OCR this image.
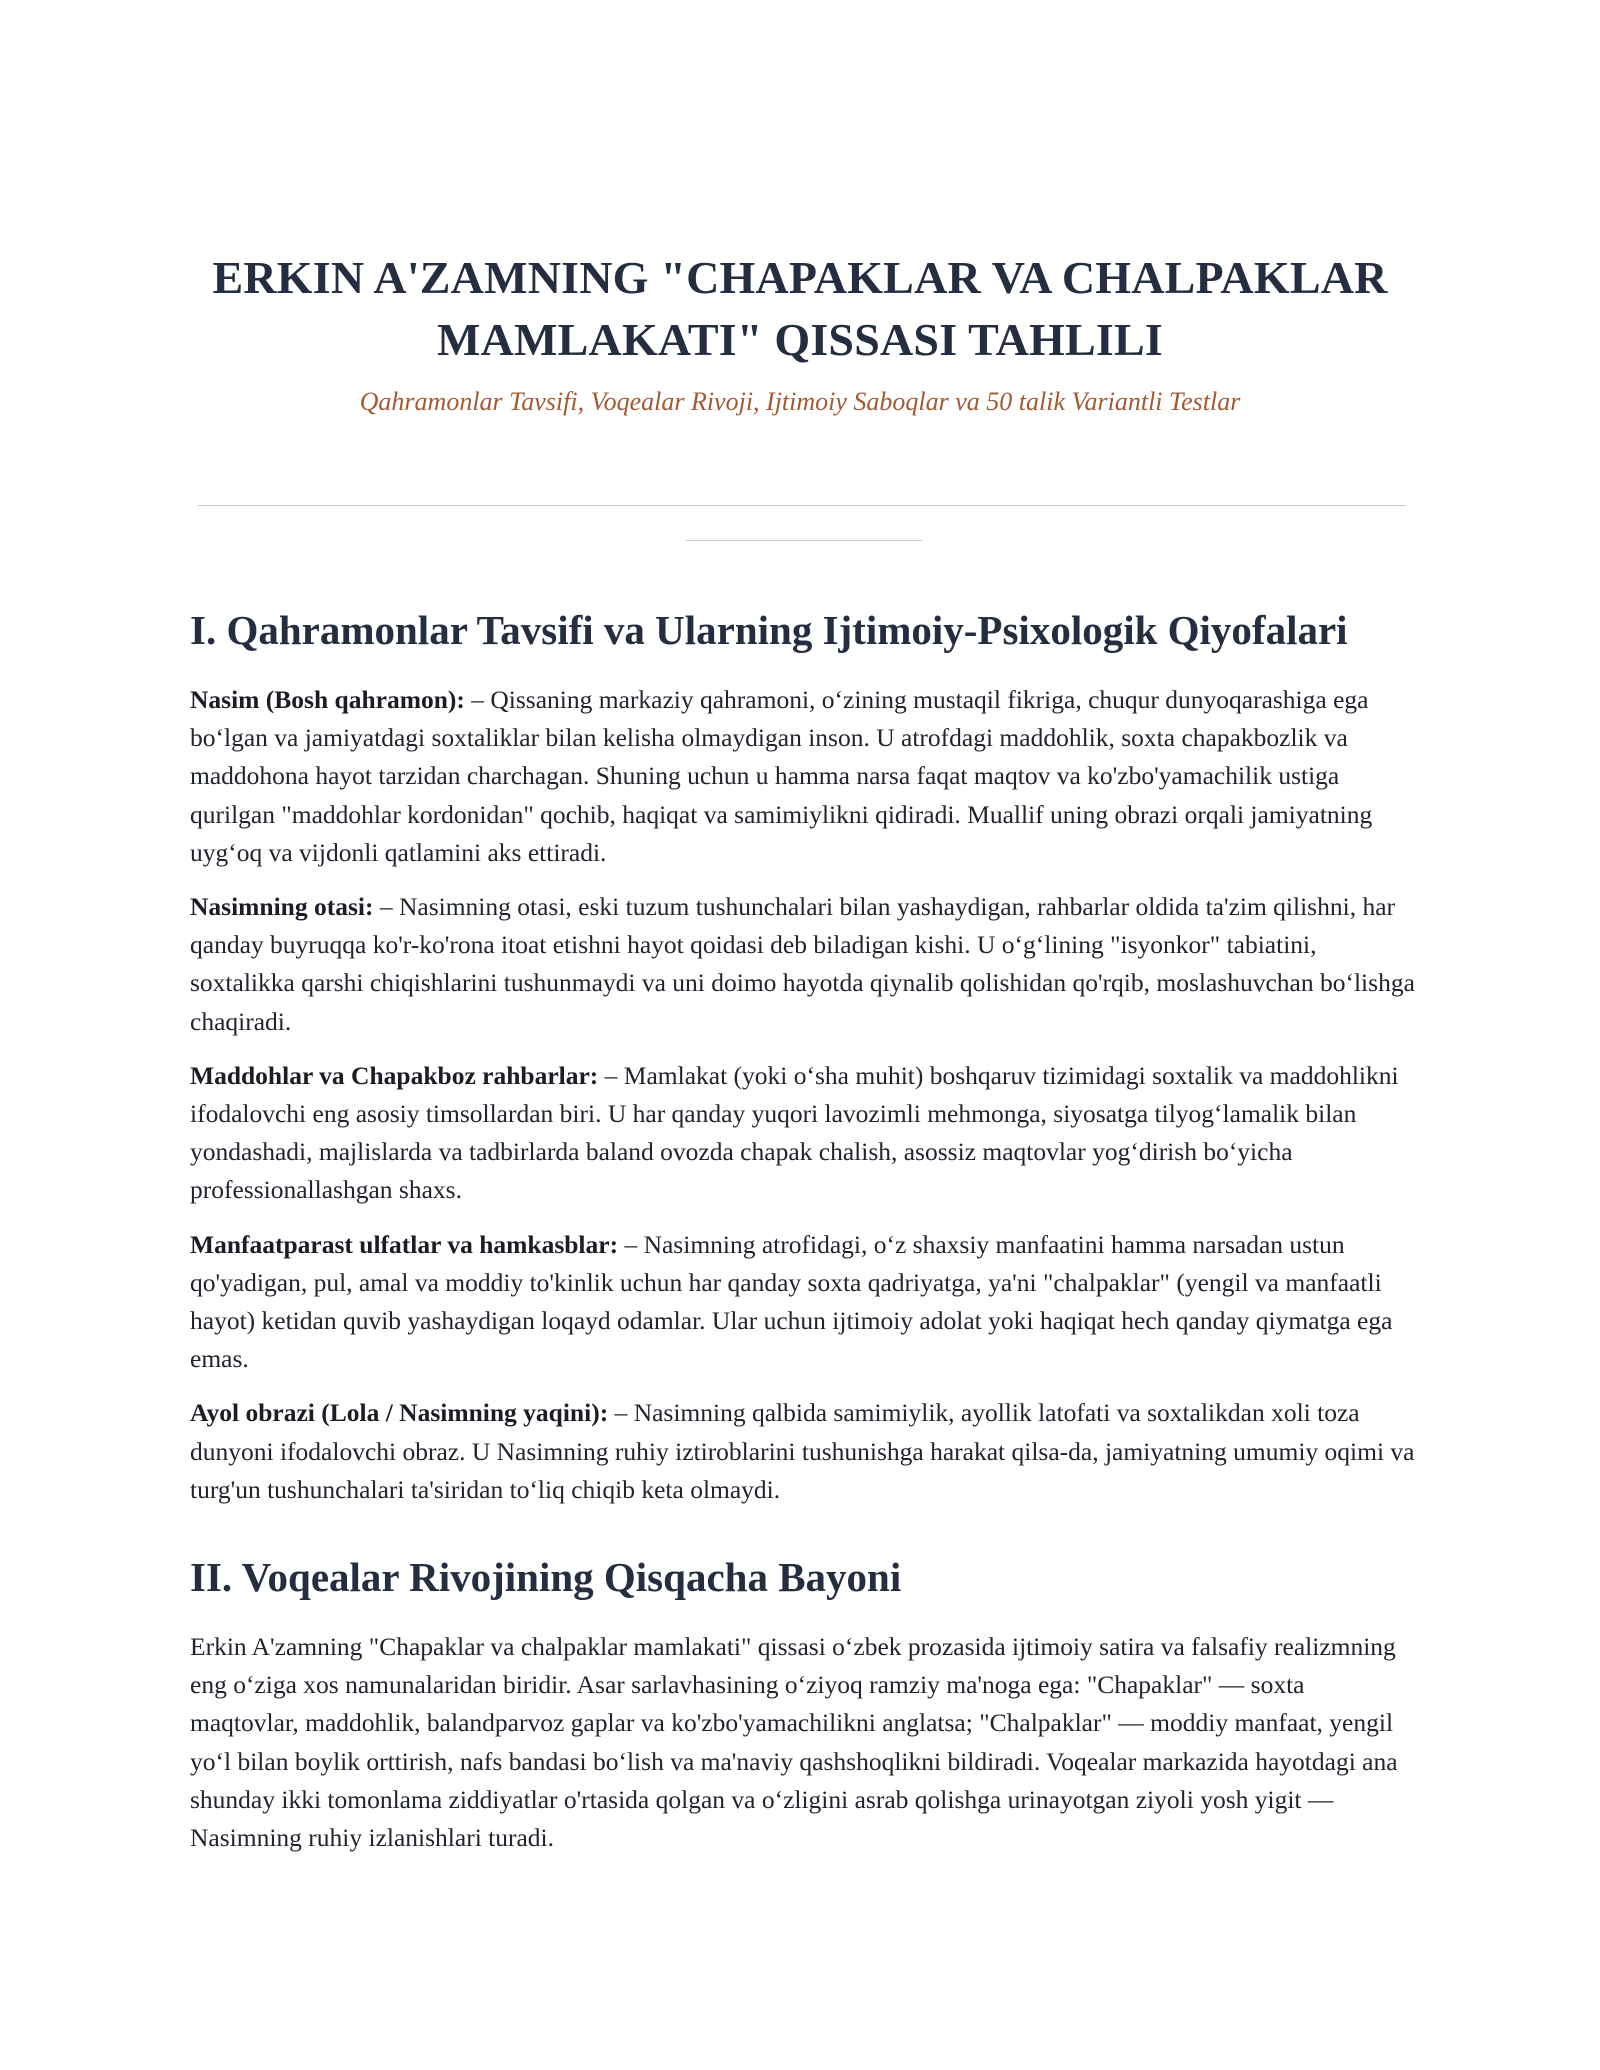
ERKIN A'ZAMNING "CHAPAKLAR VA CHALPAKLAR
MAMLAKATI" QISSASI TAHLILI
Qahramonlar Tavsifi, Voqealar Rivoji, Ijtimoiy Saboqlar va 50 talik Variantli Testlar
I. Qahramonlar Tavsifi va Ularning Ijtimoiy-Psixologik Qiyofalari

Nasim (Bosh qahramon): – Qissaning markaziy qahramoni, oʻzining mustaqil fikriga, chuqur dunyoqarashiga ega boʻlgan va jamiyatdagi soxtaliklar bilan kelisha olmaydigan inson. U atrofdagi maddohlik, soxta chapakbozlik va maddohona hayot tarzidan charchagan. Shuning uchun u hamma narsa faqat maqtov va ko'zbo'yamachilik ustiga qurilgan "maddohlar kordonidan" qochib, haqiqat va samimiylikni qidiradi. Muallif uning obrazi orqali jamiyatning uygʻoq va vijdonli qatlamini aks ettiradi.

Nasimning otasi: – Nasimning otasi, eski tuzum tushunchalari bilan yashaydigan, rahbarlar oldida ta'zim qilishni, har qanday buyruqqa ko'r-ko'rona itoat etishni hayot qoidasi deb biladigan kishi. U oʻgʻlining "isyonkor" tabiatini, soxtalikka qarshi chiqishlarini tushunmaydi va uni doimo hayotda qiynalib qolishidan qo'rqib, moslashuvchan boʻlishga chaqiradi.

Maddohlar va Chapakboz rahbarlar: – Mamlakat (yoki oʻsha muhit) boshqaruv tizimidagi soxtalik va maddohlikni ifodalovchi eng asosiy timsollardan biri. U har qanday yuqori lavozimli mehmonga, siyosatga tilyogʻlamalik bilan yondashadi, majlislarda va tadbirlarda baland ovozda chapak chalish, asossiz maqtovlar yogʻdirish boʻyicha professionallashgan shaxs.

Manfaatparast ulfatlar va hamkasblar: – Nasimning atrofidagi, oʻz shaxsiy manfaatini hamma narsadan ustun qo'yadigan, pul, amal va moddiy to'kinlik uchun har qanday soxta qadriyatga, ya'ni "chalpaklar" (yengil va manfaatli hayot) ketidan quvib yashaydigan loqayd odamlar. Ular uchun ijtimoiy adolat yoki haqiqat hech qanday qiymatga ega emas.

Ayol obrazi (Lola / Nasimning yaqini): – Nasimning qalbida samimiylik, ayollik latofati va soxtalikdan xoli toza dunyoni ifodalovchi obraz. U Nasimning ruhiy iztiroblarini tushunishga harakat qilsa-da, jamiyatning umumiy oqimi va turg'un tushunchalari ta'siridan toʻliq chiqib keta olmaydi.

II. Voqealar Rivojining Qisqacha Bayoni

Erkin A'zamning "Chapaklar va chalpaklar mamlakati" qissasi oʻzbek prozasida ijtimoiy satira va falsafiy realizmning eng oʻziga xos namunalaridan biridir. Asar sarlavhasining oʻziyoq ramziy ma'noga ega: "Chapaklar" — soxta maqtovlar, maddohlik, balandparvoz gaplar va ko'zbo'yamachilikni anglatsa; "Chalpaklar" — moddiy manfaat, yengil yoʻl bilan boylik orttirish, nafs bandasi boʻlish va ma'naviy qashshoqlikni bildiradi. Voqealar markazida hayotdagi ana shunday ikki tomonlama ziddiyatlar o'rtasida qolgan va oʻzligini asrab qolishga urinayotgan ziyoli yosh yigit — Nasimning ruhiy izlanishlari turadi.
